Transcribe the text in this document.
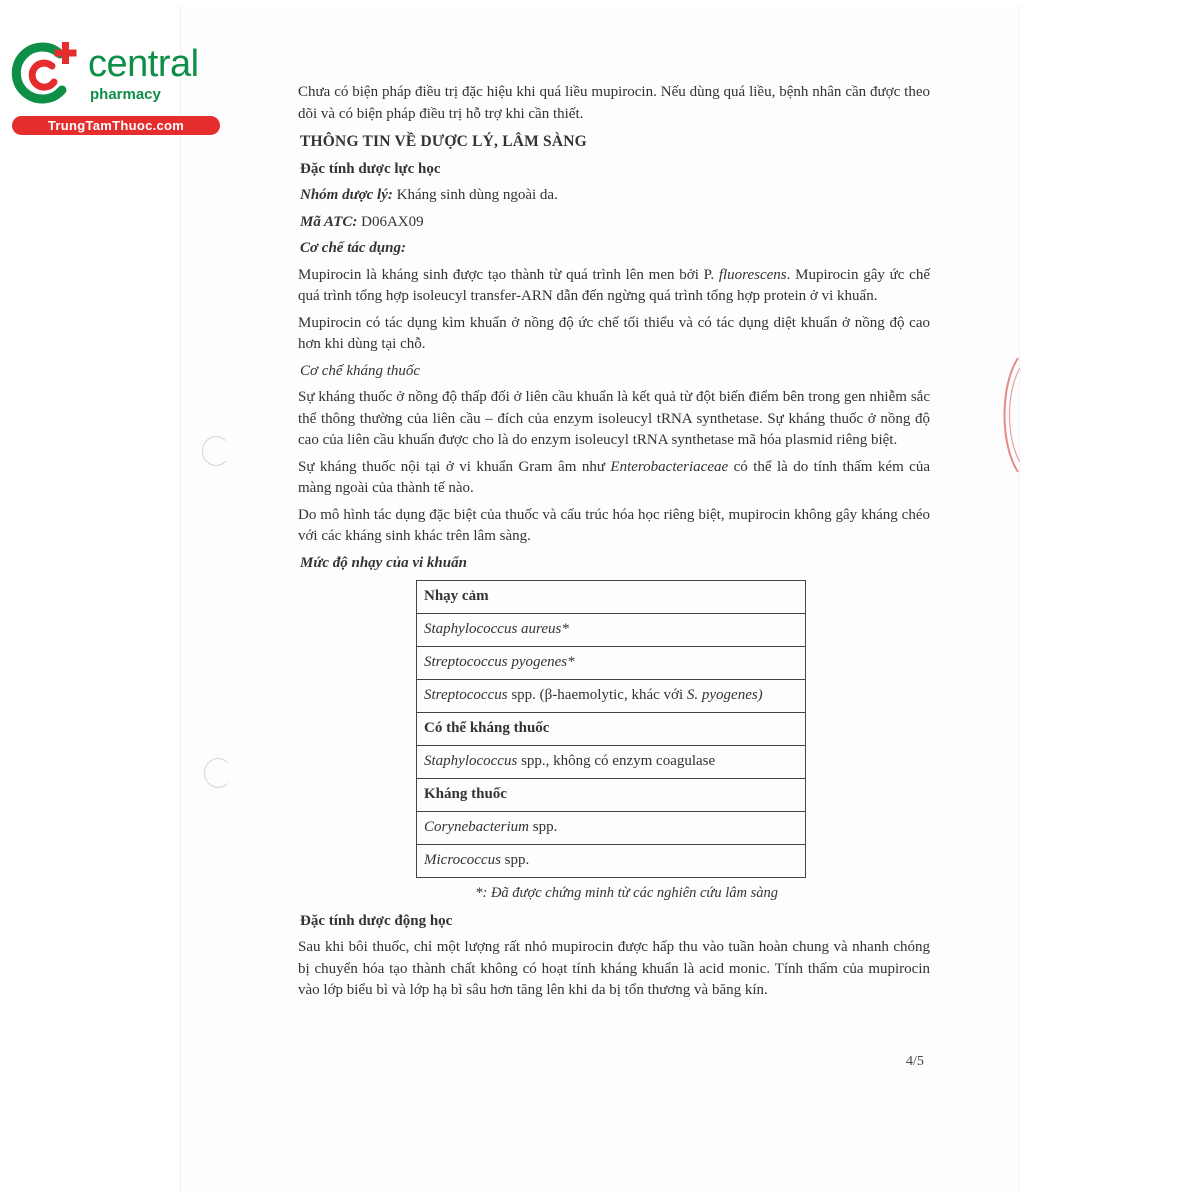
central
pharmacy
TrungTamThuoc.com

Chưa có biện pháp điều trị đặc hiệu khi quá liều mupirocin. Nếu dùng quá liều, bệnh nhân cần được theo dõi và có biện pháp điều trị hỗ trợ khi cần thiết.

THÔNG TIN VỀ DƯỢC LÝ, LÂM SÀNG
Đặc tính dược lực học
Nhóm dược lý: Kháng sinh dùng ngoài da.
Mã ATC: D06AX09
Cơ chế tác dụng:

Mupirocin là kháng sinh được tạo thành từ quá trình lên men bởi P. fluorescens. Mupirocin gây ức chế quá trình tổng hợp isoleucyl transfer-ARN dẫn đến ngừng quá trình tổng hợp protein ở vi khuẩn.

Mupirocin có tác dụng kìm khuẩn ở nồng độ ức chế tối thiểu và có tác dụng diệt khuẩn ở nồng độ cao hơn khi dùng tại chỗ.

Cơ chế kháng thuốc

Sự kháng thuốc ở nồng độ thấp đối ở liên cầu khuẩn là kết quả từ đột biến điểm bên trong gen nhiễm sắc thể thông thường của liên cầu – đích của enzym isoleucyl tRNA synthetase. Sự kháng thuốc ở nồng độ cao của liên cầu khuẩn được cho là do enzym isoleucyl tRNA synthetase mã hóa plasmid riêng biệt.

Sự kháng thuốc nội tại ở vi khuẩn Gram âm như Enterobacteriaceae có thể là do tính thấm kém của màng ngoài của thành tế nào.

Do mô hình tác dụng đặc biệt của thuốc và cấu trúc hóa học riêng biệt, mupirocin không gây kháng chéo với các kháng sinh khác trên lâm sàng.

Mức độ nhạy của vi khuẩn
Nhạy cảm
Staphylococcus aureus*
Streptococcus pyogenes*
Streptococcus spp. (β-haemolytic, khác với S. pyogenes)
Có thể kháng thuốc
Staphylococcus spp., không có enzym coagulase
Kháng thuốc
Corynebacterium spp.
Micrococcus spp.
*: Đã được chứng minh từ các nghiên cứu lâm sàng
Đặc tính dược động học

Sau khi bôi thuốc, chỉ một lượng rất nhỏ mupirocin được hấp thu vào tuần hoàn chung và nhanh chóng bị chuyển hóa tạo thành chất không có hoạt tính kháng khuẩn là acid monic. Tính thấm của mupirocin vào lớp biểu bì và lớp hạ bì sâu hơn tăng lên khi da bị tổn thương và băng kín.

4/5
